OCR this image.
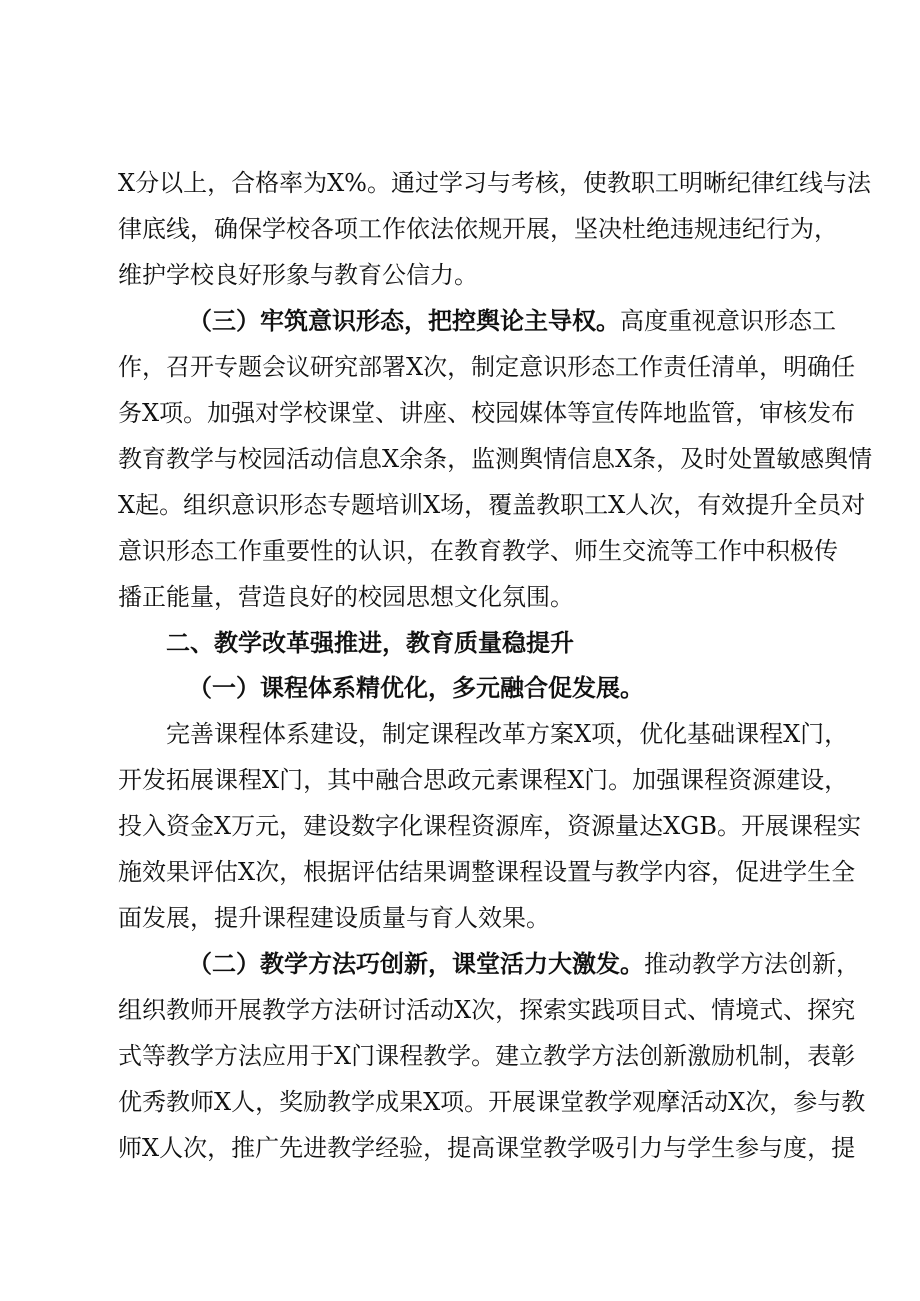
X分以上，合格率为X%。通过学习与考核，使教职工明晰纪律红线与法
律底线，确保学校各项工作依法依规开展，坚决杜绝违规违纪行为，
维护学校良好形象与教育公信力。
（三）牢筑意识形态，把控舆论主导权。高度重视意识形态工
作，召开专题会议研究部署X次，制定意识形态工作责任清单，明确任
务X项。加强对学校课堂、讲座、校园媒体等宣传阵地监管，审核发布
教育教学与校园活动信息X余条，监测舆情信息X条，及时处置敏感舆情
X起。组织意识形态专题培训X场，覆盖教职工X人次，有效提升全员对
意识形态工作重要性的认识，在教育教学、师生交流等工作中积极传
播正能量，营造良好的校园思想文化氛围。
二、教学改革强推进，教育质量稳提升
（一）课程体系精优化，多元融合促发展。
完善课程体系建设，制定课程改革方案X项，优化基础课程X门，
开发拓展课程X门，其中融合思政元素课程X门。加强课程资源建设，
投入资金X万元，建设数字化课程资源库，资源量达XGB。开展课程实
施效果评估X次，根据评估结果调整课程设置与教学内容，促进学生全
面发展，提升课程建设质量与育人效果。
（二）教学方法巧创新，课堂活力大激发。推动教学方法创新，
组织教师开展教学方法研讨活动X次，探索实践项目式、情境式、探究
式等教学方法应用于X门课程教学。建立教学方法创新激励机制，表彰
优秀教师X人，奖励教学成果X项。开展课堂教学观摩活动X次，参与教
师X人次，推广先进教学经验，提高课堂教学吸引力与学生参与度，提
